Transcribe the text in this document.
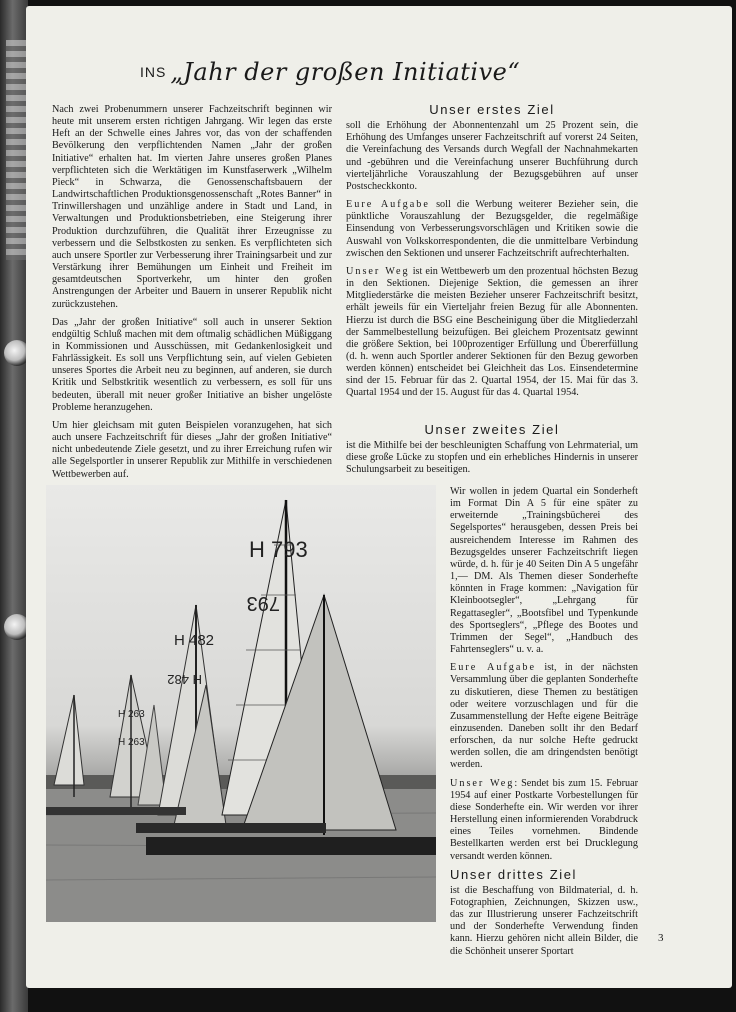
INS „Jahr der großen Initiative“

Nach zwei Probenummern unserer Fachzeitschrift beginnen wir heute mit unserem ersten richtigen Jahrgang. Wir legen das erste Heft an der Schwelle eines Jahres vor, das von der schaffenden Bevölkerung den verpflichtenden Namen „Jahr der großen Initiative“ erhalten hat. Im vierten Jahre unseres großen Planes verpflichteten sich die Werktätigen im Kunstfaserwerk „Wilhelm Pieck“ in Schwarza, die Genossenschaftsbauern der Landwirtschaftlichen Produktionsgenossenschaft „Rotes Banner“ in Trinwillershagen und unzählige andere in Stadt und Land, in Verwaltungen und Produktionsbetrieben, eine Steigerung ihrer Produktion durchzuführen, die Qualität ihrer Erzeugnisse zu verbessern und die Selbstkosten zu senken. Es verpflichteten sich auch unsere Sportler zur Verbesserung ihrer Trainingsarbeit und zur Verstärkung ihrer Bemühungen um Einheit und Freiheit im gesamtdeutschen Sportverkehr, um hinter den großen Anstrengungen der Arbeiter und Bauern in unserer Republik nicht zurückzustehen.

Das „Jahr der großen Initiative“ soll auch in unserer Sektion endgültig Schluß machen mit dem oftmalig schädlichen Müßiggang in Kommissionen und Ausschüssen, mit Gedankenlosigkeit und Fahrlässigkeit. Es soll uns Verpflichtung sein, auf vielen Gebieten unseres Sportes die Arbeit neu zu beginnen, auf anderen, sie durch Kritik und Selbstkritik wesentlich zu verbessern, es soll für uns bedeuten, überall mit neuer großer Initiative an bisher ungelöste Probleme heranzugehen.

Um hier gleichsam mit guten Beispielen voranzugehen, hat sich auch unsere Fachzeitschrift für dieses „Jahr der großen Initiative“ nicht unbedeutende Ziele gesetzt, und zu ihrer Erreichung rufen wir alle Segelsportler in unserer Republik zur Mithilfe in verschiedenen Wettbewerben auf.

Unser erstes Ziel

soll die Erhöhung der Abonnentenzahl um 25 Prozent sein, die Erhöhung des Umfanges unserer Fachzeitschrift auf vorerst 24 Seiten, die Vereinfachung des Versands durch Wegfall der Nachnahmekarten und -gebühren und die Vereinfachung unserer Buchführung durch vierteljährliche Vorauszahlung der Bezugsgebühren auf unser Postscheckkonto.

Eure Aufgabe soll die Werbung weiterer Bezieher sein, die pünktliche Vorauszahlung der Bezugsgelder, die regelmäßige Einsendung von Verbesserungsvorschlägen und Kritiken sowie die Auswahl von Volkskorrespondenten, die die unmittelbare Verbindung zwischen den Sektionen und unserer Fachzeitschrift aufrechterhalten.

Unser Weg ist ein Wettbewerb um den prozentual höchsten Bezug in den Sektionen. Diejenige Sektion, die gemessen an ihrer Mitgliederstärke die meisten Bezieher unserer Fachzeitschrift besitzt, erhält jeweils für ein Vierteljahr freien Bezug für alle Abonnenten. Hierzu ist durch die BSG eine Bescheinigung über die Mitgliederzahl der Sammelbestellung beizufügen. Bei gleichem Prozentsatz gewinnt die größere Sektion, bei 100prozentiger Erfüllung und Übererfüllung (d. h. wenn auch Sportler anderer Sektionen für den Bezug geworben werden können) entscheidet bei Gleichheit das Los. Einsendetermine sind der 15. Februar für das 2. Quartal 1954, der 15. Mai für das 3. Quartal 1954 und der 15. August für das 4. Quartal 1954.

Unser zweites Ziel

ist die Mithilfe bei der beschleunigten Schaffung von Lehrmaterial, um diese große Lücke zu stopfen und ein erhebliches Hindernis in unserer Schulungsarbeit zu beseitigen.

Wir wollen in jedem Quartal ein Sonderheft im Format Din A 5 für eine später zu erweiternde „Trainingsbücherei des Segelsportes“ herausgeben, dessen Preis bei ausreichendem Interesse im Rahmen des Bezugsgeldes unserer Fachzeitschrift liegen würde, d. h. für je 40 Seiten Din A 5 ungefähr 1,— DM. Als Themen dieser Sonderhefte könnten in Frage kommen: „Navigation für Kleinbootsegler“, „Lehrgang für Regattasegler“, „Bootsfibel und Typenkunde des Sportseglers“, „Pflege des Bootes und Trimmen der Segel“, „Handbuch des Fahrtenseglers“ u. v. a.

Eure Aufgabe ist, in der nächsten Versammlung über die geplanten Sonderhefte zu diskutieren, diese Themen zu bestätigen oder weitere vorzuschlagen und für die Zusammenstellung der Hefte eigene Beiträge einzusenden. Daneben sollt ihr den Bedarf erforschen, da nur solche Hefte gedruckt werden sollen, die am dringendsten benötigt werden.

Unser Weg: Sendet bis zum 15. Februar 1954 auf einer Postkarte Vorbestellungen für diese Sonderhefte ein. Wir werden vor ihrer Herstellung einen informierenden Vorabdruck eines Teiles vornehmen. Bindende Bestellkarten werden erst bei Drucklegung versandt werden können.

Unser drittes Ziel

ist die Beschaffung von Bildmaterial, d. h. Fotographien, Zeichnungen, Skizzen usw., das zur Illustrierung unserer Fachzeitschrift und der Sonderhefte Verwendung finden kann. Hierzu gehören nicht allein Bilder, die die Schönheit unserer Sportart

H 793
793
H 482
H 482
H 263
H 263
3
